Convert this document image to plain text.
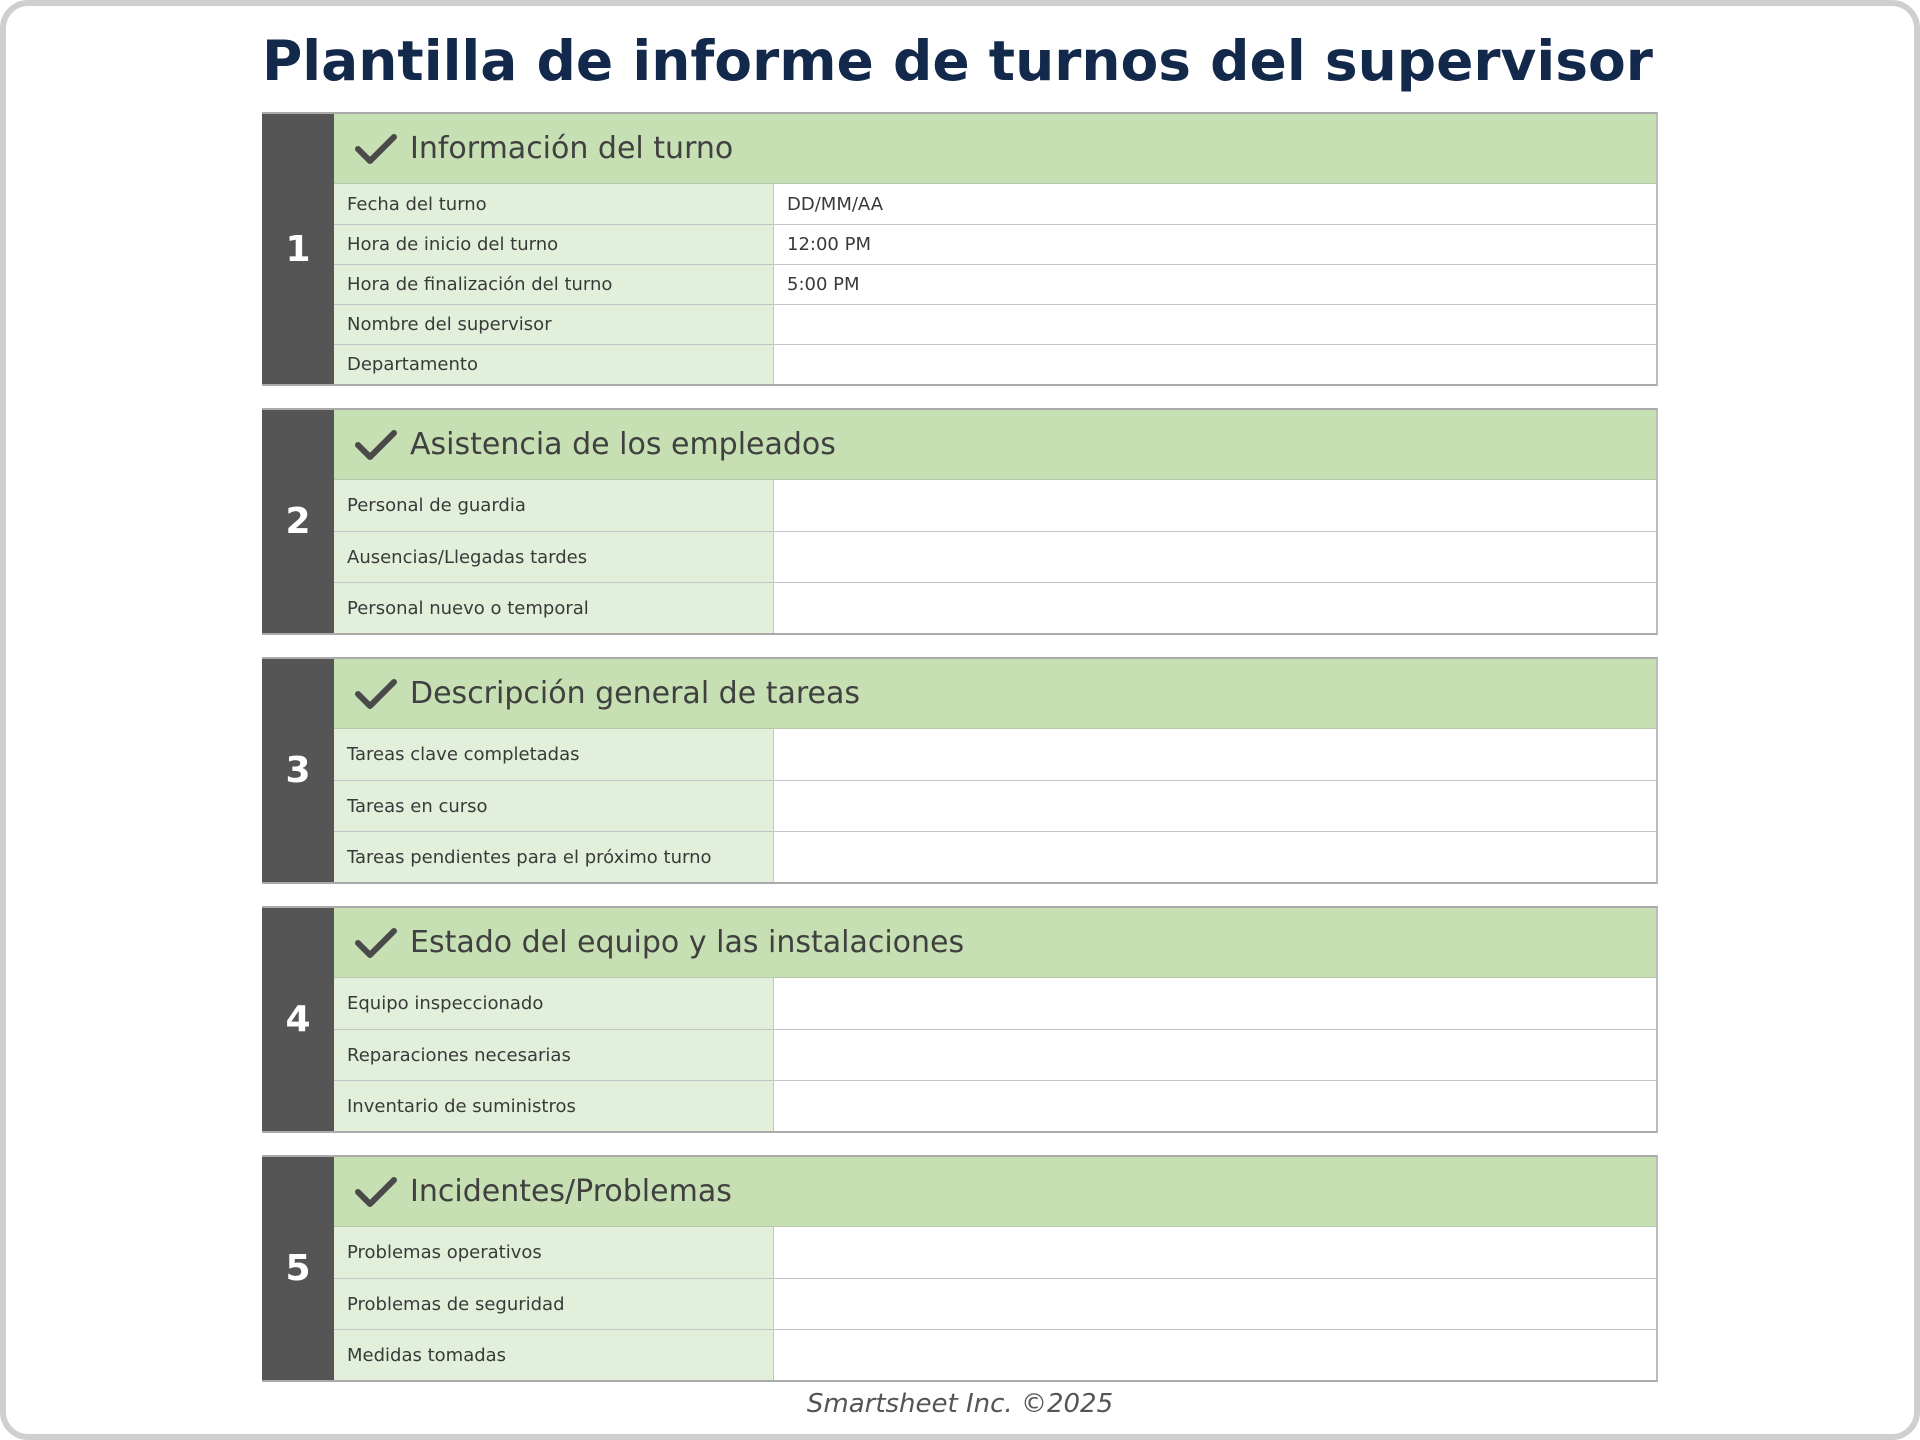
Plantilla de informe de turnos del supervisor
1
Información del turno
Fecha del turno	DD/MM/AA
Hora de inicio del turno	12:00 PM
Hora de finalización del turno	5:00 PM
Nombre del supervisor
Departamento
2
Asistencia de los empleados
Personal de guardia
Ausencias/Llegadas tardes
Personal nuevo o temporal
3
Descripción general de tareas
Tareas clave completadas
Tareas en curso
Tareas pendientes para el próximo turno
4
Estado del equipo y las instalaciones
Equipo inspeccionado
Reparaciones necesarias
Inventario de suministros
5
Incidentes/Problemas
Problemas operativos
Problemas de seguridad
Medidas tomadas
Smartsheet Inc. ©2025
